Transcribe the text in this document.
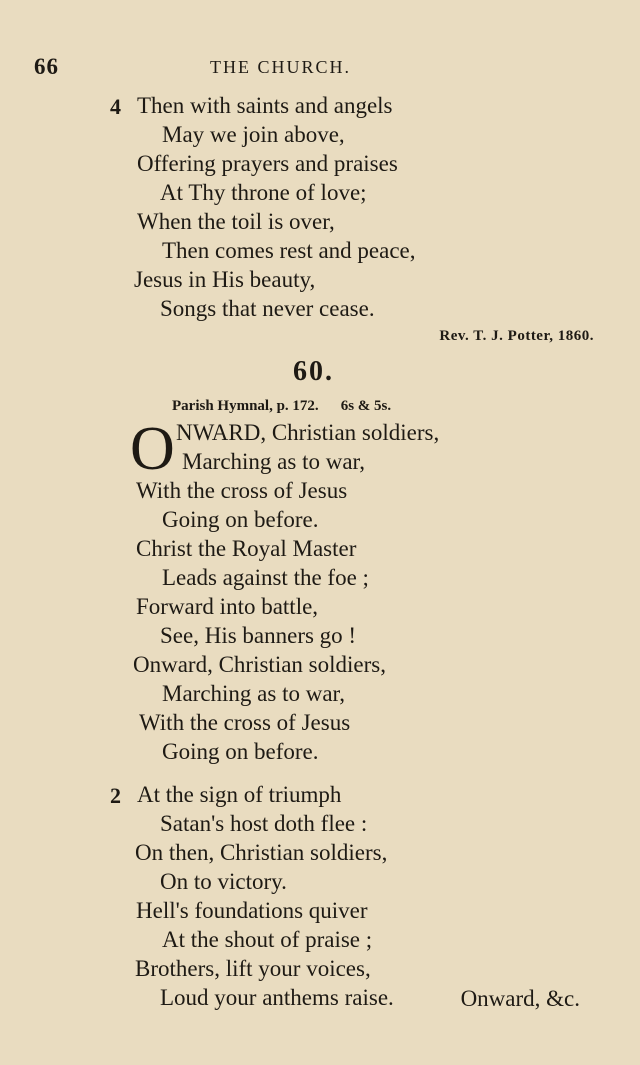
66	THE CHURCH.
4 Then with saints and angels
May we join above,
Offering prayers and praises
At Thy throne of love;
When the toil is over,
Then comes rest and peace,
Jesus in His beauty,
Songs that never cease.
Rev. T. J. Potter, 1860.
60.
Parish Hymnal, p. 172. 6s & 5s.
O NWARD, Christian soldiers,
Marching as to war,
With the cross of Jesus
Going on before.
Christ the Royal Master
Leads against the foe ;
Forward into battle,
See, His banners go !
Onward, Christian soldiers,
Marching as to war,
With the cross of Jesus
Going on before.
2 At the sign of triumph
Satan's host doth flee :
On then, Christian soldiers,
On to victory.
Hell's foundations quiver
At the shout of praise ;
Brothers, lift your voices,
Loud your anthems raise.	Onward, &c.
